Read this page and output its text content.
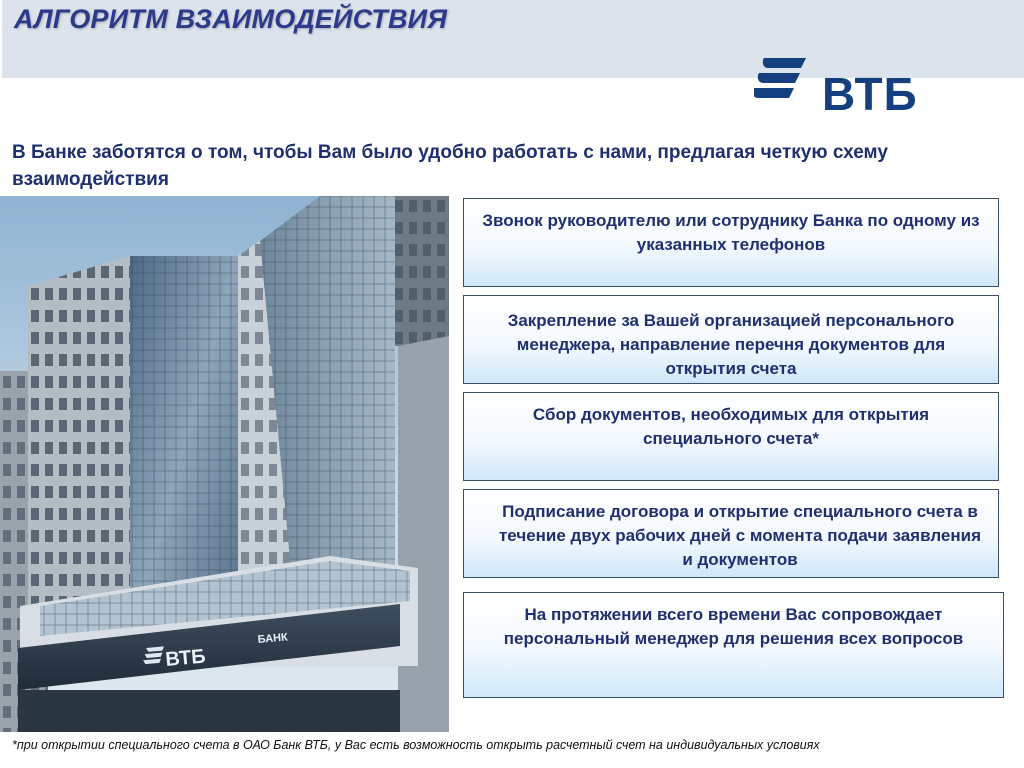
АЛГОРИТМ ВЗАИМОДЕЙСТВИЯ
ВТБ

В Банке заботятся о том, чтобы Вам было удобно работать с нами, предлагая четкую схему взаимодействия

ВТБ
БАНК
Звонок руководителю или сотруднику Банка по одному из указанных телефонов
Закрепление за Вашей организацией персонального менеджера, направление перечня документов для открытия счета
Сбор документов, необходимых для открытия специального счета*
Подписание договора и открытие специального счета в течение двух рабочих дней с момента подачи заявления и документов
На протяжении всего времени Вас сопровождает персональный менеджер для решения всех вопросов
*при открытии специального счета в ОАО Банк ВТБ, у Вас есть возможность открыть расчетный счет на индивидуальных условиях
